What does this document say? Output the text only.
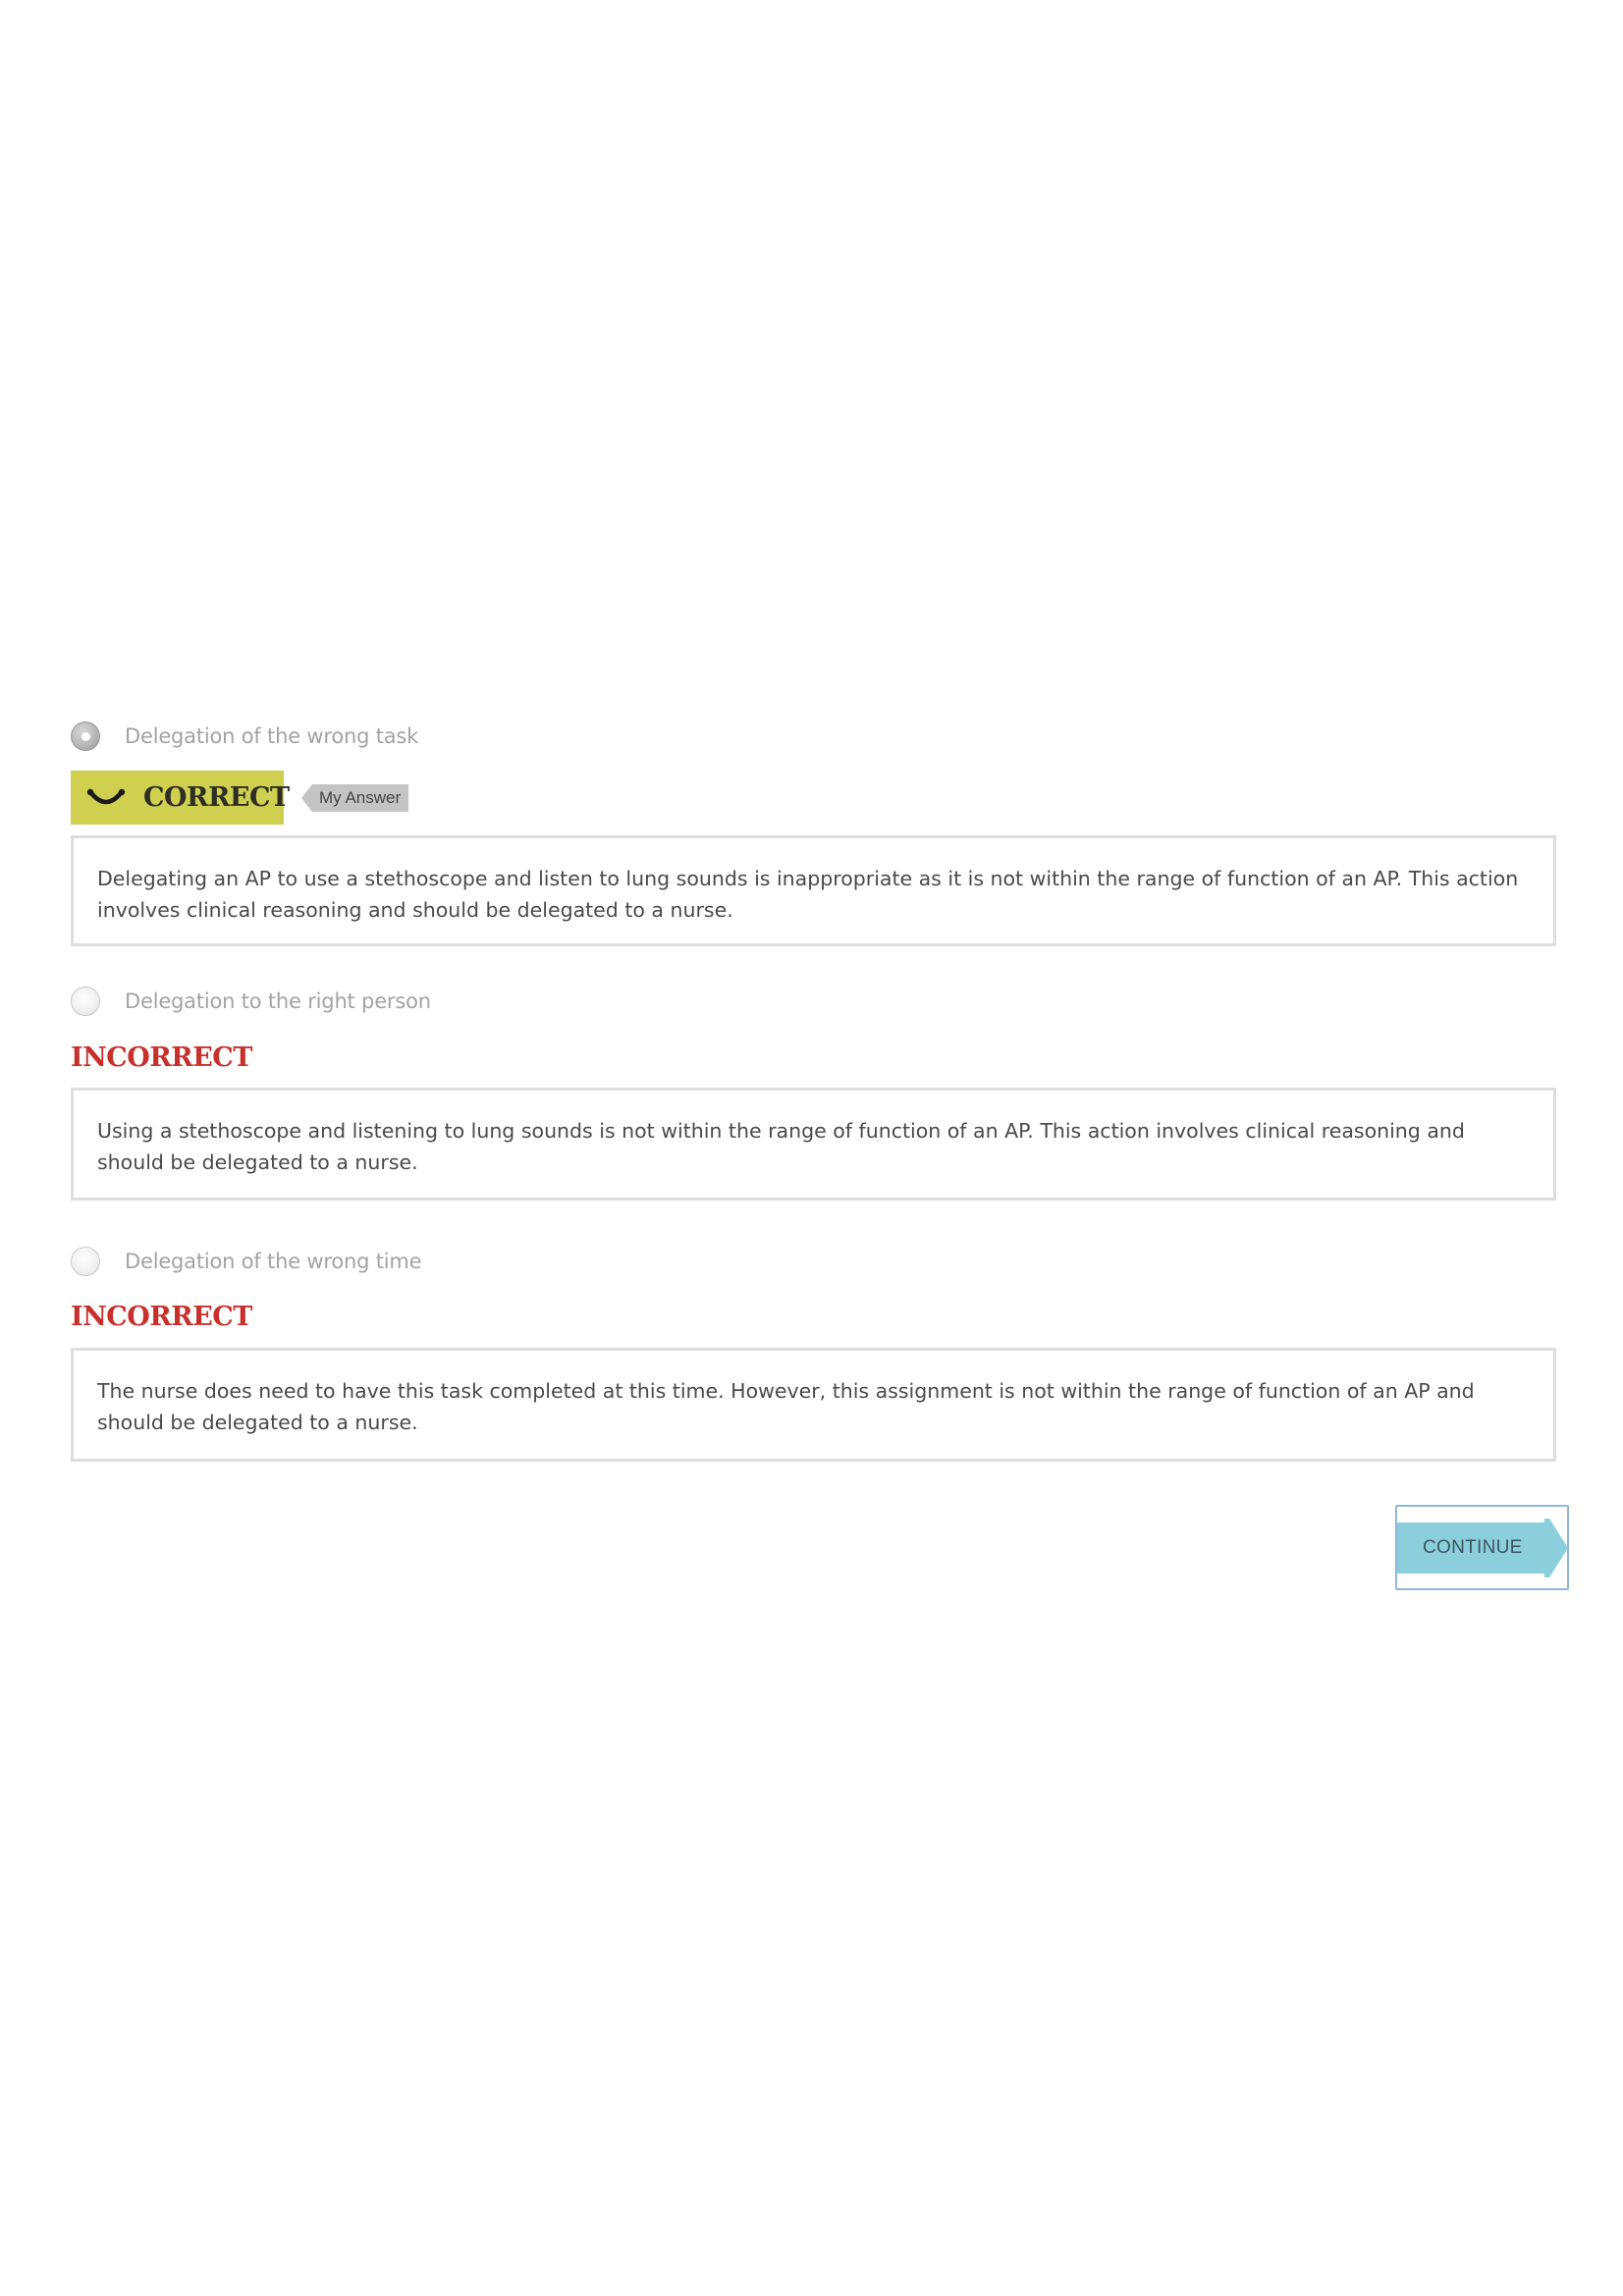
Delegation of the wrong task
CORRECT	My Answer
Delegating an AP to use a stethoscope and listen to lung sounds is inappropriate as it is not within the range of function of an AP. This action involves clinical reasoning and should be delegated to a nurse.
Delegation to the right person
INCORRECT
Using a stethoscope and listening to lung sounds is not within the range of function of an AP. This action involves clinical reasoning and should be delegated to a nurse.
Delegation of the wrong time
INCORRECT
The nurse does need to have this task completed at this time. However, this assignment is not within the range of function of an AP and should be delegated to a nurse.
CONTINUE
